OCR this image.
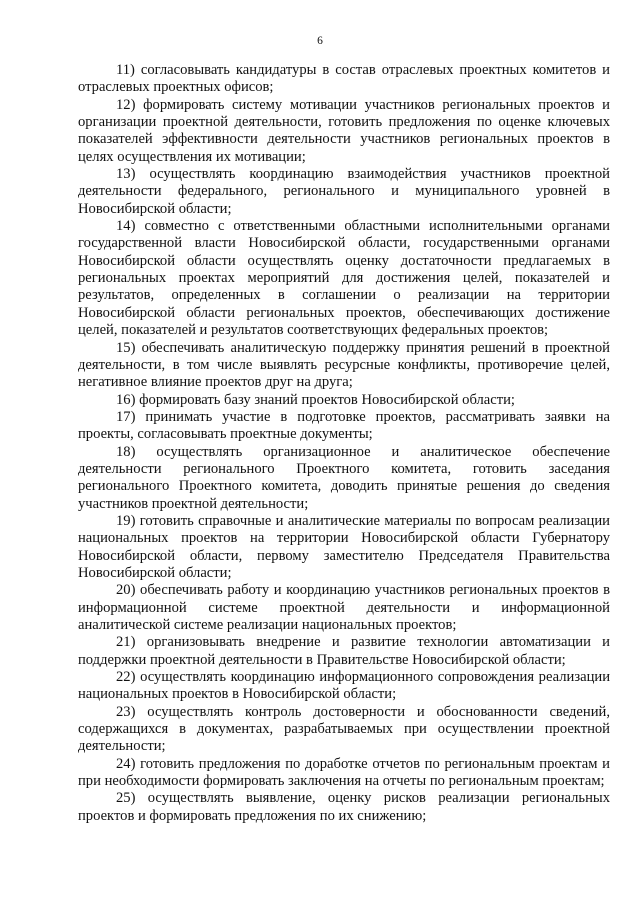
6

11) согласовывать кандидатуры в состав отраслевых проектных комитетов и отраслевых проектных офисов;

12) формировать систему мотивации участников региональных проектов и организации проектной деятельности, готовить предложения по оценке ключевых показателей эффективности деятельности участников региональных проектов в целях осуществления их мотивации;

13) осуществлять координацию взаимодействия участников проектной деятельности федерального, регионального и муниципального уровней в Новосибирской области;

14) совместно с ответственными областными исполнительными органами государственной власти Новосибирской области, государственными органами Новосибирской области осуществлять оценку достаточности предлагаемых в региональных проектах мероприятий для достижения целей, показателей и результатов, определенных в соглашении о реализации на территории Новосибирской области региональных проектов, обеспечивающих достижение целей, показателей и результатов соответствующих федеральных проектов;

15) обеспечивать аналитическую поддержку принятия решений в проектной деятельности, в том числе выявлять ресурсные конфликты, противоречие целей, негативное влияние проектов друг на друга;

16) формировать базу знаний проектов Новосибирской области;

17) принимать участие в подготовке проектов, рассматривать заявки на проекты, согласовывать проектные документы;

18) осуществлять организационное и аналитическое обеспечение деятельности регионального Проектного комитета, готовить заседания регионального Проектного комитета, доводить принятые решения до сведения участников проектной деятельности;

19) готовить справочные и аналитические материалы по вопросам реализации национальных проектов на территории Новосибирской области Губернатору Новосибирской области, первому заместителю Председателя Правительства Новосибирской области;

20) обеспечивать работу и координацию участников региональных проектов в информационной системе проектной деятельности и информационной аналитической системе реализации национальных проектов;

21) организовывать внедрение и развитие технологии автоматизации и поддержки проектной деятельности в Правительстве Новосибирской области;

22) осуществлять координацию информационного сопровождения реализации национальных проектов в Новосибирской области;

23) осуществлять контроль достоверности и обоснованности сведений, содержащихся в документах, разрабатываемых при осуществлении проектной деятельности;

24) готовить предложения по доработке отчетов по региональным проектам и при необходимости формировать заключения на отчеты по региональным проектам;

25) осуществлять выявление, оценку рисков реализации региональных проектов и формировать предложения по их снижению;
